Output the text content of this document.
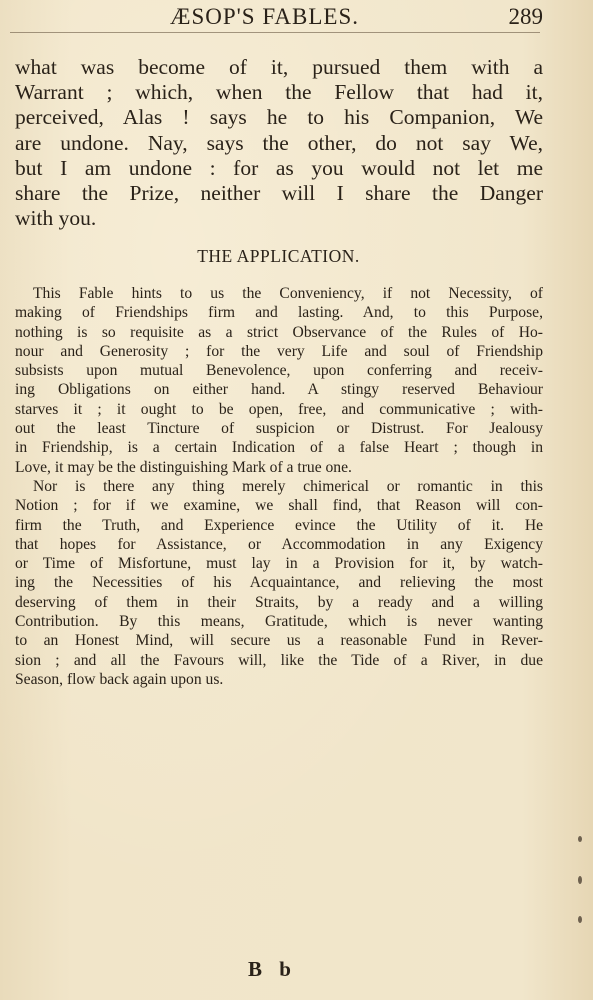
ÆSOP'S FABLES.	289
what was become of it, pursued them with a
Warrant ; which, when the Fellow that had it,
perceived, Alas ! says he to his Companion, We
are undone. Nay, says the other, do not say We,
but I am undone : for as you would not let me
share the Prize, neither will I share the Danger
with you.
THE APPLICATION.
This Fable hints to us the Conveniency, if not Necessity, of
making of Friendships firm and lasting. And, to this Purpose,
nothing is so requisite as a strict Observance of the Rules of Ho-
nour and Generosity ; for the very Life and soul of Friendship
subsists upon mutual Benevolence, upon conferring and receiv-
ing Obligations on either hand. A stingy reserved Behaviour
starves it ; it ought to be open, free, and communicative ; with-
out the least Tincture of suspicion or Distrust. For Jealousy
in Friendship, is a certain Indication of a false Heart ; though in
Love, it may be the distinguishing Mark of a true one.
Nor is there any thing merely chimerical or romantic in this
Notion ; for if we examine, we shall find, that Reason will con-
firm the Truth, and Experience evince the Utility of it. He
that hopes for Assistance, or Accommodation in any Exigency
or Time of Misfortune, must lay in a Provision for it, by watch-
ing the Necessities of his Acquaintance, and relieving the most
deserving of them in their Straits, by a ready and a willing
Contribution. By this means, Gratitude, which is never wanting
to an Honest Mind, will secure us a reasonable Fund in Rever-
sion ; and all the Favours will, like the Tide of a River, in due
Season, flow back again upon us.
B b
